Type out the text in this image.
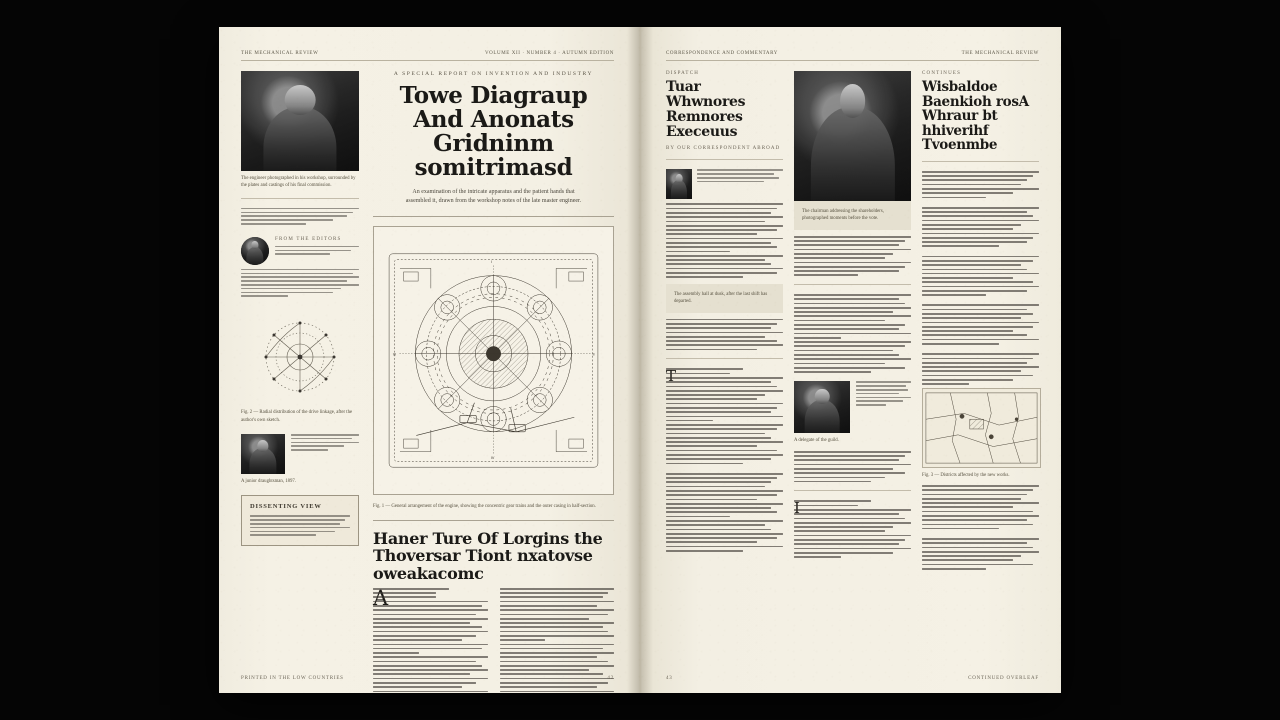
THE MECHANICAL REVIEW	VOLUME XII · NUMBER 4 · AUTUMN EDITION
The engineer photographed in his workshop, surrounded by the plates and castings of his final commission.
FROM THE EDITORS
Fig. 2 — Radial distribution of the drive linkage, after the author's own sketch.
A junior draughtsman, 1897.
DISSENTING VIEW
A SPECIAL REPORT ON INVENTION AND INDUSTRY
Towe Diagraup And Anonats Gridninm somitrimasd
An examination of the intricate apparatus and the patient hands that assembled it, drawn from the workshop notes of the late master engineer.
I
II
III
IV
Fig. 1 — General arrangement of the engine, showing the concentric gear trains and the outer casing in half-section.
Haner Ture Of Lorgins the Thoversar Tiont nxatovse oweakacomc
PRINTED IN THE LOW COUNTRIES	42
CORRESPONDENCE AND COMMENTARY	THE MECHANICAL REVIEW
DISPATCH
Tuar Whwnores Remnores Execeuus
BY OUR CORRESPONDENT ABROAD
The assembly hall at dusk, after the last shift has departed.
The chairman addressing the shareholders, photographed moments before the vote.
A delegate of the guild.
CONTINUES
Wisbaldoe Baenkioh rosA Whraur bt hhiverihf Tvoenmbe
Fig. 3 — Districts affected by the new works.
43	CONTINUED OVERLEAF
